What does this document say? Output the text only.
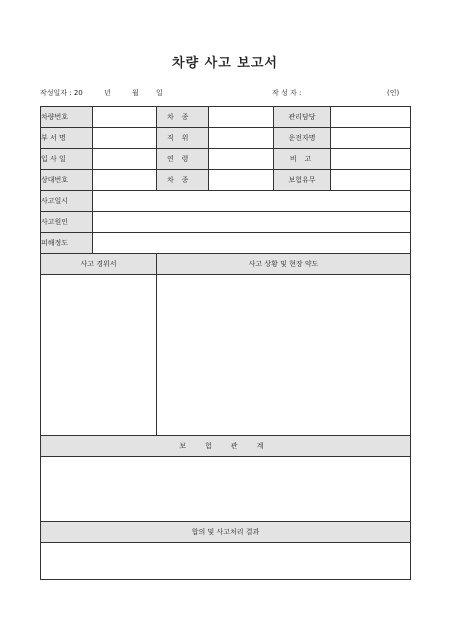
차량 사고 보고서
작성일자 : 20	년	월 일	작 성 자 :	(인)
차량번호		차 종		관리담당	
부 서 명		직 위		운전자명	
입 사 일		연 령		비 고	
상대번호		차 종		보험유무	
사고일시					
사고원인					
피해정도					
사고 경위서		사고 상황 및 현장 약도			

보 험 관 계					

합의 및 사고처리 결과					
